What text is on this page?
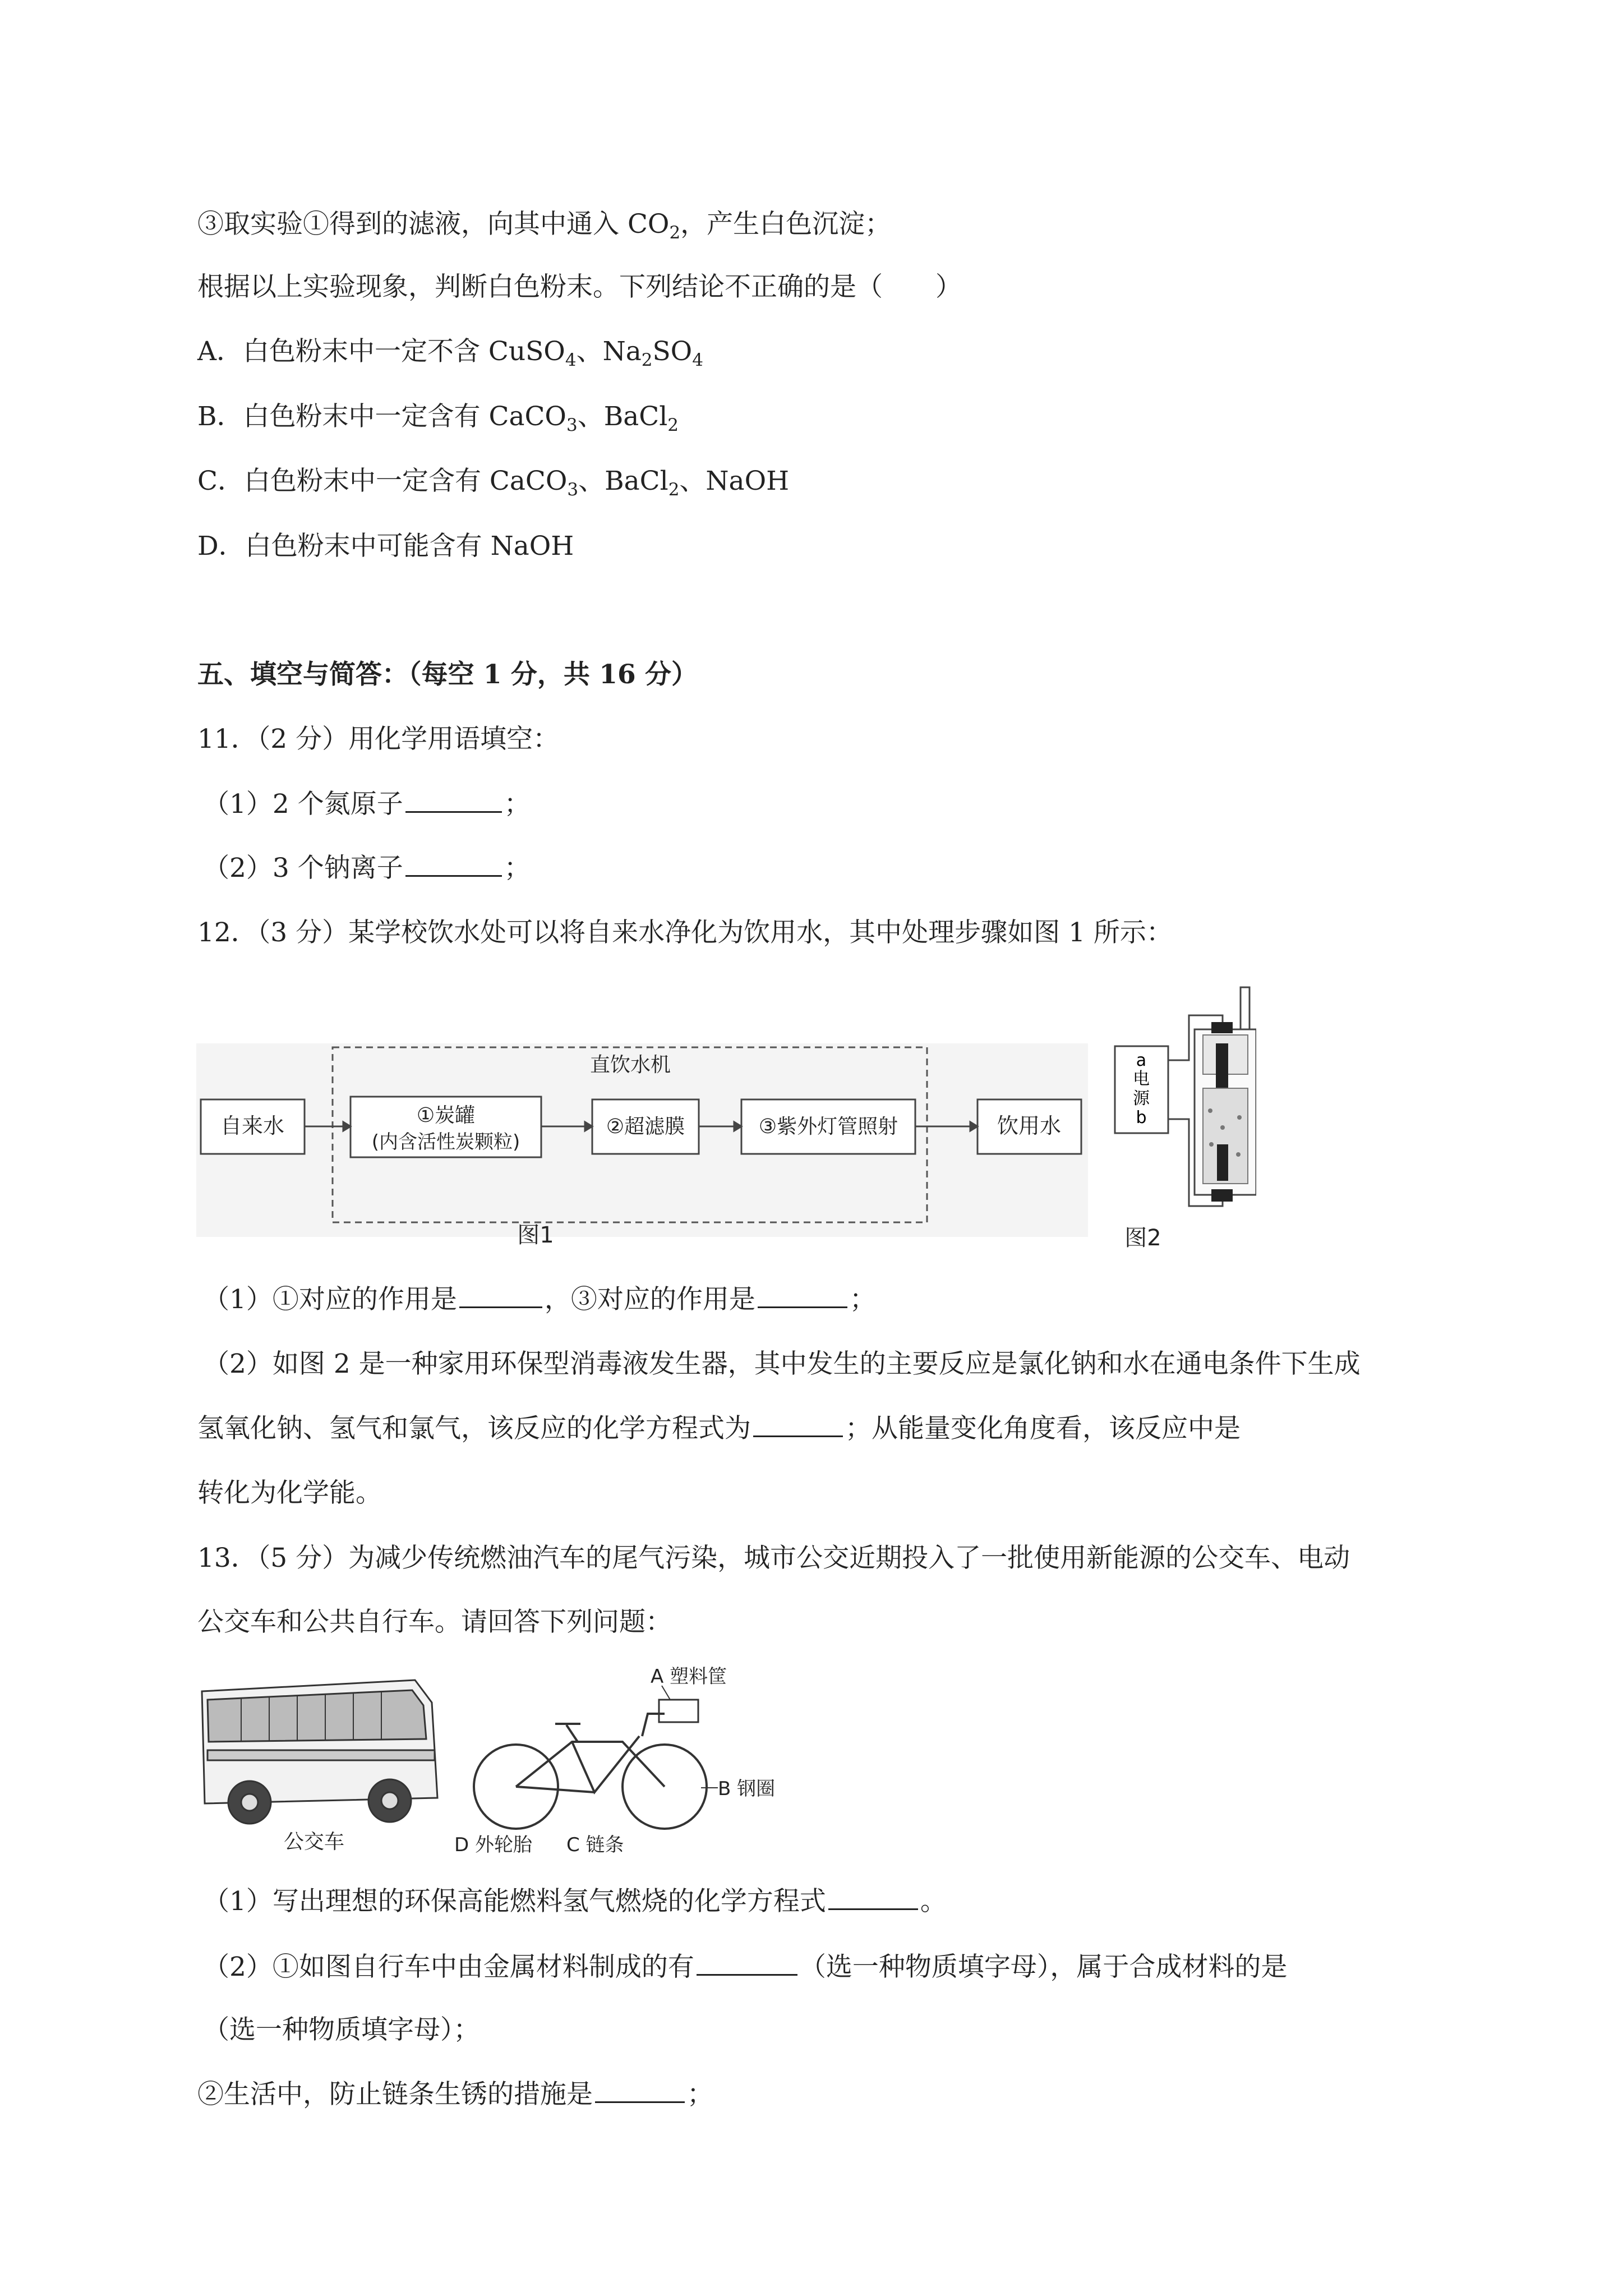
③取实验①得到的滤液，向其中通入 $CO_2$，产生白色沉淀；
根据以上实验现象，判断白色粉末。下列结论不正确的是（　　）
A．白色粉末中一定不含 CuSO$_4$、$Na_2SO_4$
B．白色粉末中一定含有 CaCO$_3$、BaCl$_2$
C．白色粉末中一定含有 CaCO$_3$、BaCl$_2$、NaOH
D．白色粉末中可能含有 NaOH
五、填空与简答：（每空 1 分，共 16 分）
11．（2 分）用化学用语填空：
（1）2 个氮原子	；
（2）3 个钠离子	；
12．（3 分）某学校饮水处可以将自来水净化为饮用水，其中处理步骤如图 1 所示：
直饮水机
自来水	①炭罐
(内含活性炭颗粒)
②超滤膜	③紫外灯管照射	饮用水
图1
a
电
源
b
图2
（1）①对应的作用是	，③对应的作用是	；
（2）如图 2 是一种家用环保型消毒液发生器，其中发生的主要反应是氯化钠和水在通电条件下生成
氢氧化钠、氢气和氯气，该反应的化学方程式为	；从能量变化角度看，该反应中是
转化为化学能。
13．（5 分）为减少传统燃油汽车的尾气污染，城市公交近期投入了一批使用新能源的公交车、电动
公交车和公共自行车。请回答下列问题：
公交车
A 塑料筐
B 钢圈
D 外轮胎 C 链条
（1）写出理想的环保高能燃料氢气燃烧的化学方程式	。
（2）①如图自行车中由金属材料制成的有	（选一种物质填字母），属于合成材料的是
（选一种物质填字母）；
②生活中，防止链条生锈的措施是	；
